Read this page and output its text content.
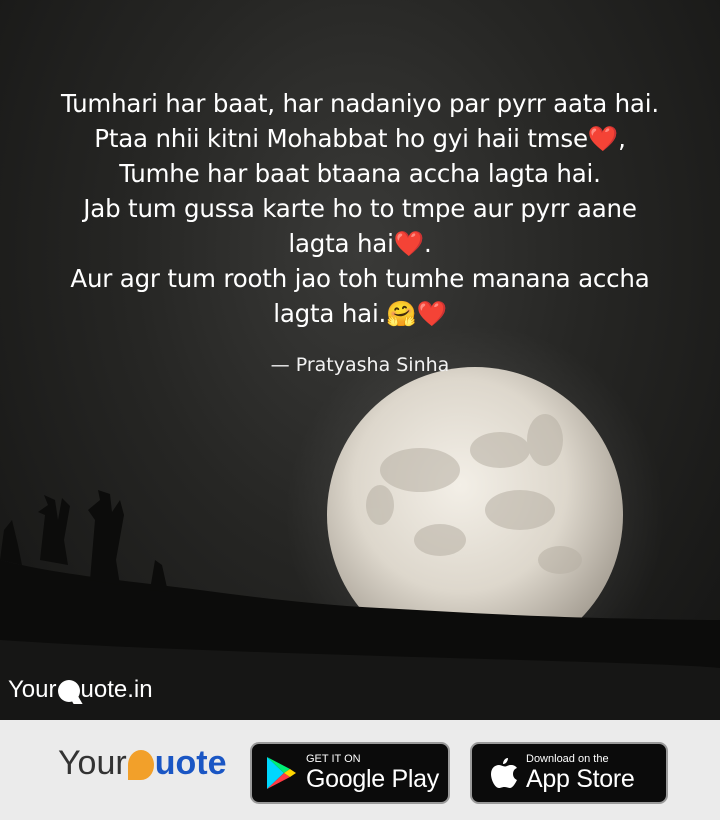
Tumhari har baat, har nadaniyo par pyrr aata hai.
Ptaa nhii kitni Mohabbat ho gyi haii tmse❤️,
Tumhe har baat btaana accha lagta hai.
Jab tum gussa karte ho to tmpe aur pyrr aane
lagta hai❤️.
Aur agr tum rooth jao toh tumhe manana accha
lagta hai.🤗❤️
— Pratyasha Sinha
Your uote.in
Your uote	GET IT ON
Google Play
Download on the
App Store
